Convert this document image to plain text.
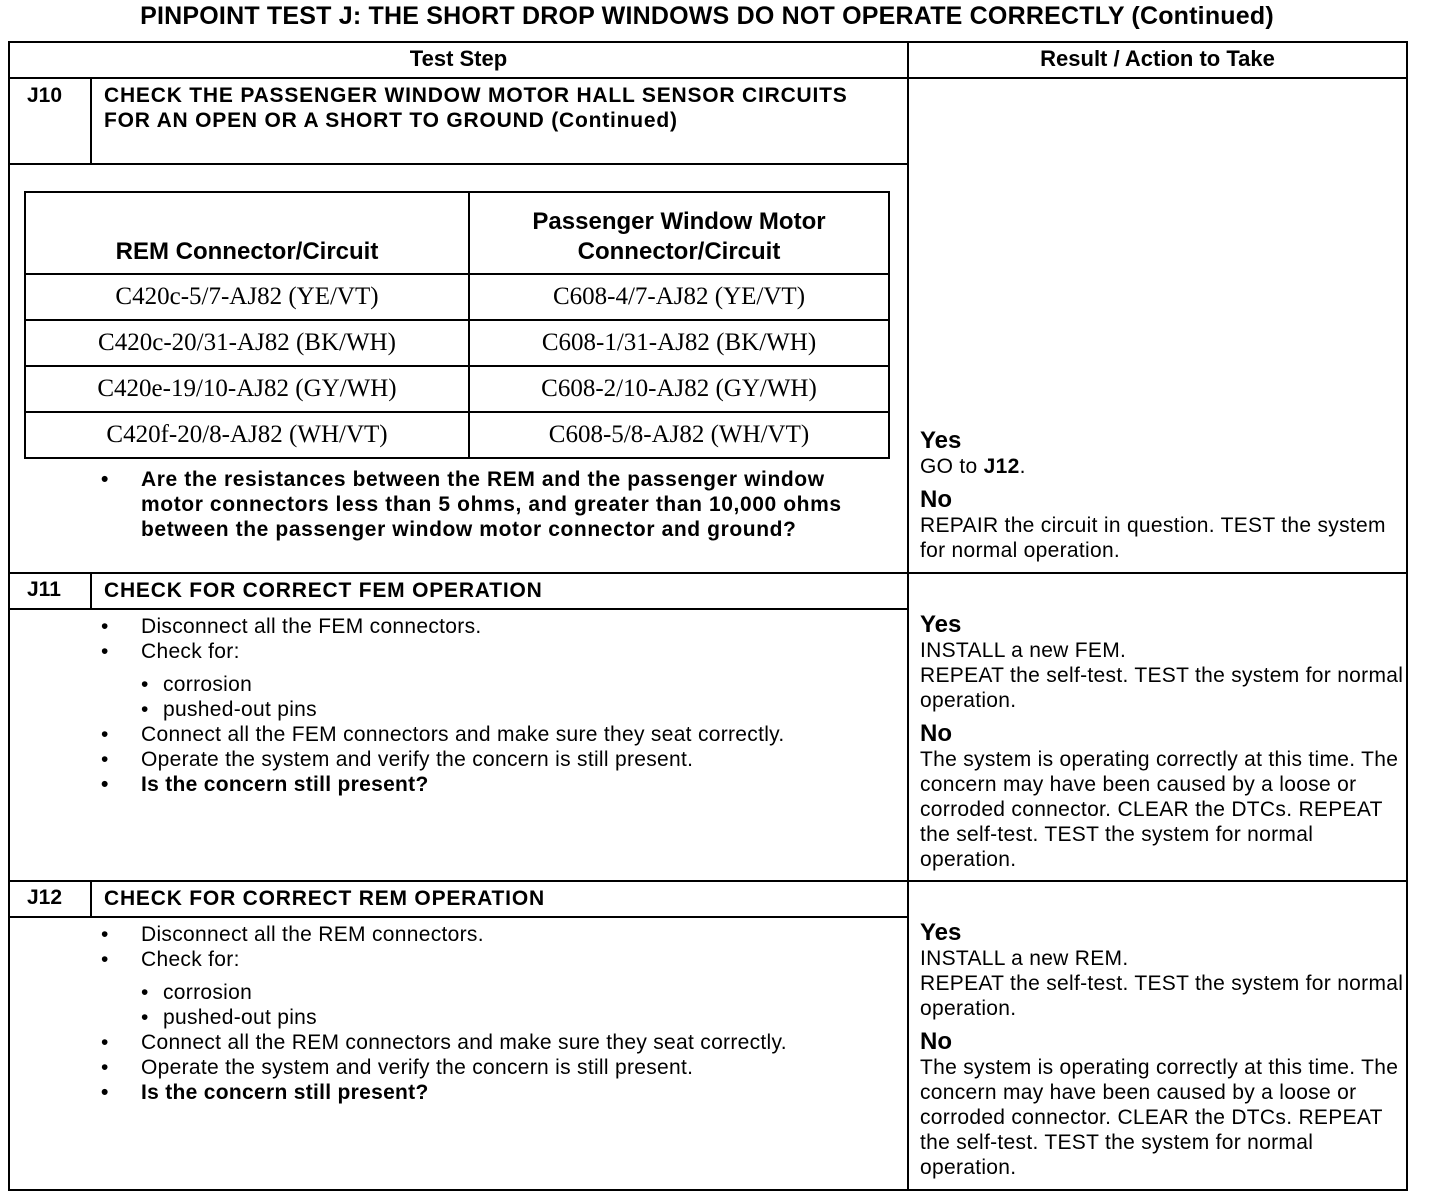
PINPOINT TEST J: THE SHORT DROP WINDOWS DO NOT OPERATE CORRECTLY (Continued)
Test Step	Result / Action to Take
J10 CHECK THE PASSENGER WINDOW MOTOR HALL SENSOR CIRCUITS FOR AN OPEN OR A SHORT TO GROUND (Continued)
REM Connector/Circuit	Passenger Window Motor Connector/Circuit
C420c-5/7-AJ82 (YE/VT)	C608-4/7-AJ82 (YE/VT)
C420c-20/31-AJ82 (BK/WH)	C608-1/31-AJ82 (BK/WH)
C420e-19/10-AJ82 (GY/WH)	C608-2/10-AJ82 (GY/WH)
C420f-20/8-AJ82 (WH/VT)	C608-5/8-AJ82 (WH/VT)
• Are the resistances between the REM and the passenger window motor connectors less than 5 ohms, and greater than 10,000 ohms between the passenger window motor connector and ground?
Yes
GO to J12.
No
REPAIR the circuit in question. TEST the system for normal operation.
J11 CHECK FOR CORRECT FEM OPERATION
• Disconnect all the FEM connectors.
• Check for:
• corrosion
• pushed-out pins
• Connect all the FEM connectors and make sure they seat correctly.
• Operate the system and verify the concern is still present.
• Is the concern still present?
Yes
INSTALL a new FEM.
REPEAT the self-test. TEST the system for normal operation.
No
The system is operating correctly at this time. The concern may have been caused by a loose or corroded connector. CLEAR the DTCs. REPEAT the self-test. TEST the system for normal operation.
J12 CHECK FOR CORRECT REM OPERATION
• Disconnect all the REM connectors.
• Check for:
• corrosion
• pushed-out pins
• Connect all the REM connectors and make sure they seat correctly.
• Operate the system and verify the concern is still present.
• Is the concern still present?
Yes
INSTALL a new REM.
REPEAT the self-test. TEST the system for normal operation.
No
The system is operating correctly at this time. The concern may have been caused by a loose or corroded connector. CLEAR the DTCs. REPEAT the self-test. TEST the system for normal operation.
